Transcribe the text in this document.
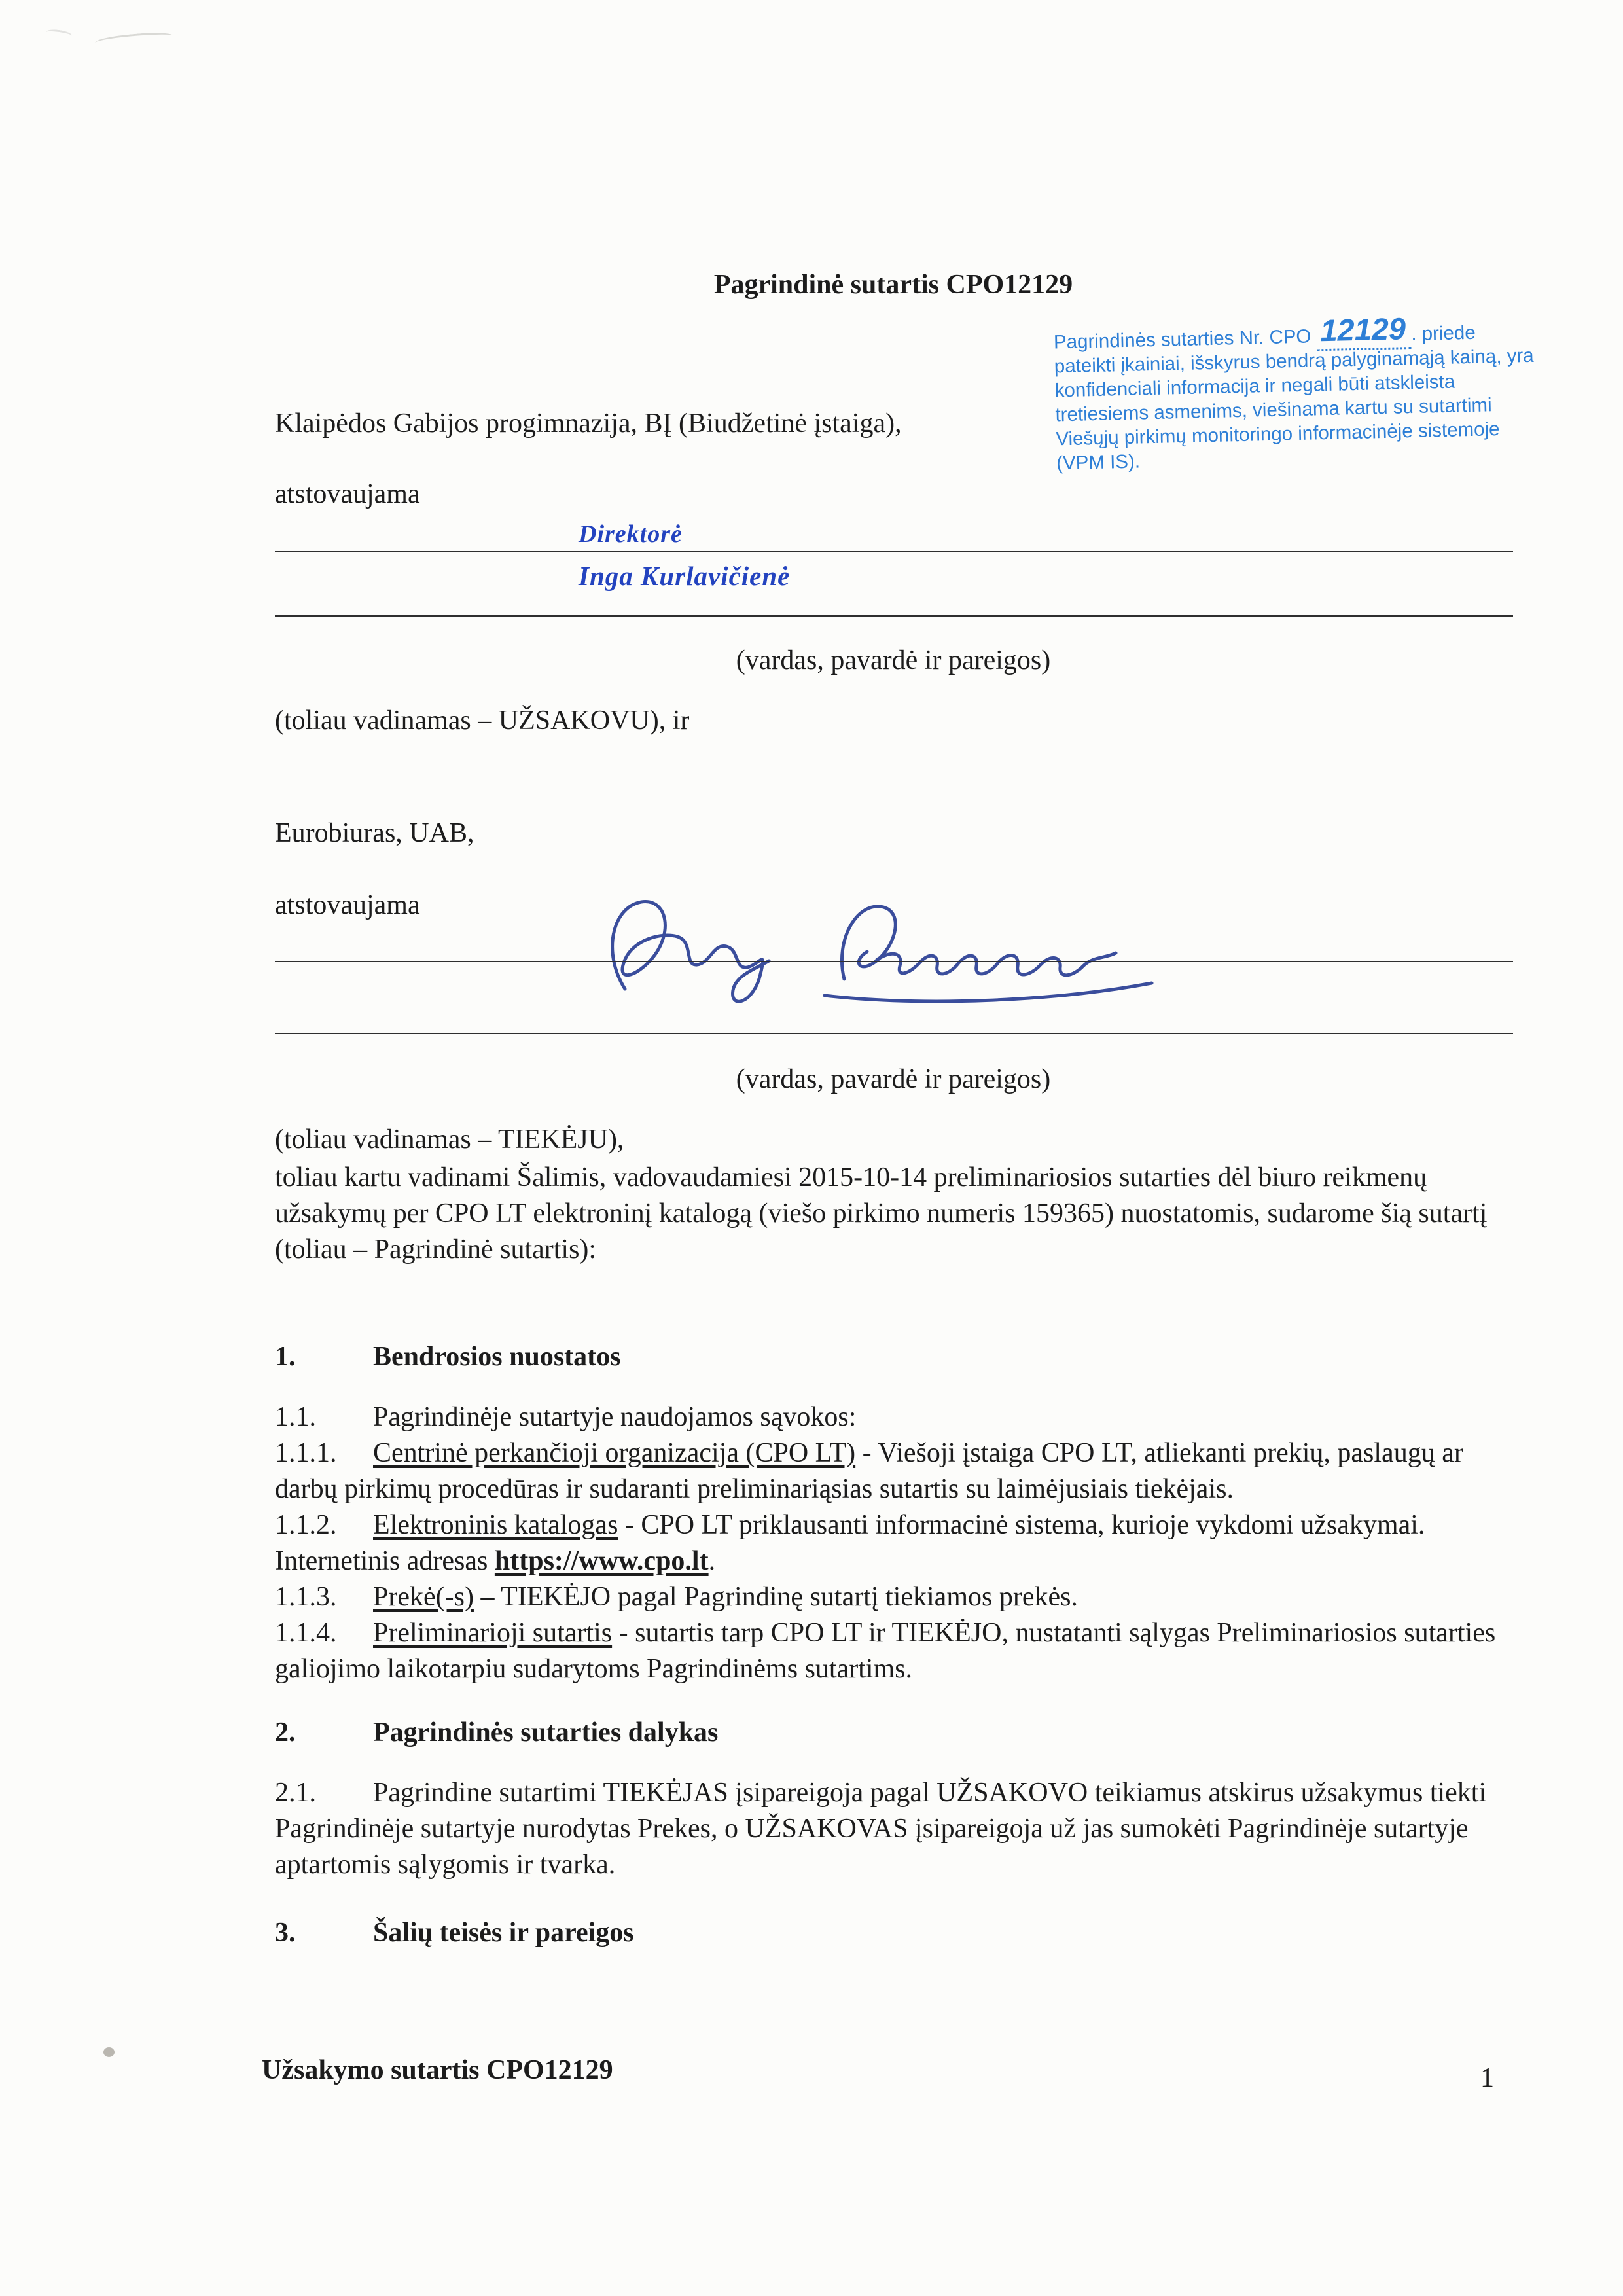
Pagrindinė sutartis CPO12129
Pagrindinės sutarties Nr. CPO 12129 . priede pateikti įkainiai, išskyrus bendrą palyginamąją kainą, yra konfidenciali informacija ir negali būti atskleista tretiesiems asmenims, viešinama kartu su sutartimi Viešųjų pirkimų monitoringo informacinėje sistemoje (VPM IS).
Klaipėdos Gabijos progimnazija, BĮ (Biudžetinė įstaiga),
atstovaujama
Direktorė
Inga Kurlavičienė
(vardas, pavardė ir pareigos)
(toliau vadinamas – UŽSAKOVU), ir
Eurobiuras, UAB,
atstovaujama
(vardas, pavardė ir pareigos)
(toliau vadinamas – TIEKĖJU),
toliau kartu vadinami Šalimis, vadovaudamiesi 2015-10-14 preliminariosios sutarties dėl biuro reikmenų užsakymų per CPO LT elektroninį katalogą (viešo pirkimo numeris 159365) nuostatomis, sudarome šią sutartį (toliau – Pagrindinė sutartis):
1.	Bendrosios nuostatos

1.1. Pagrindinėje sutartyje naudojamos sąvokos:

1.1.1. Centrinė perkančioji organizacija (CPO LT) - Viešoji įstaiga CPO LT, atliekanti prekių, paslaugų ar darbų pirkimų procedūras ir sudaranti preliminariąsias sutartis su laimėjusiais tiekėjais.

1.1.2. Elektroninis katalogas - CPO LT priklausanti informacinė sistema, kurioje vykdomi užsakymai. Internetinis adresas https://www.cpo.lt.

1.1.3. Prekė(-s) – TIEKĖJO pagal Pagrindinę sutartį tiekiamos prekės.

1.1.4. Preliminarioji sutartis - sutartis tarp CPO LT ir TIEKĖJO, nustatanti sąlygas Preliminariosios sutarties galiojimo laikotarpiu sudarytoms Pagrindinėms sutartims.

2.	Pagrindinės sutarties dalykas

2.1. Pagrindine sutartimi TIEKĖJAS įsipareigoja pagal UŽSAKOVO teikiamus atskirus užsakymus tiekti Pagrindinėje sutartyje nurodytas Prekes, o UŽSAKOVAS įsipareigoja už jas sumokėti Pagrindinėje sutartyje aptartomis sąlygomis ir tvarka.

3.	Šalių teisės ir pareigos
Užsakymo sutartis CPO12129	1
